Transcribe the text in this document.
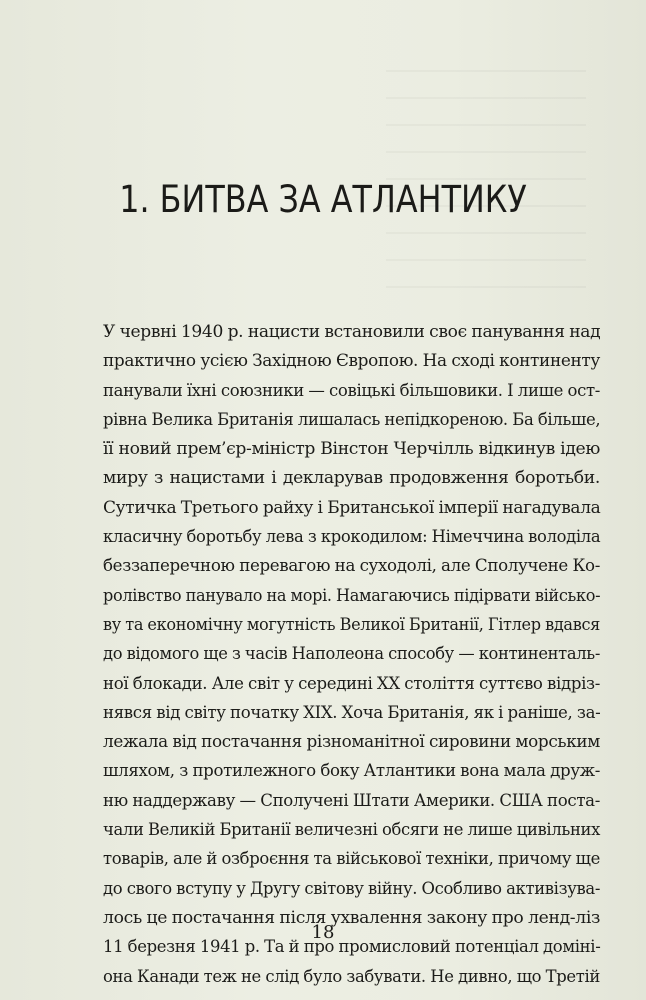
1. БИТВА ЗА АТЛАНТИКУ
У червні 1940 р. нацисти встановили своє панування над
практично усією Західною Європою. На сході континенту
панували їхні союзники — совіцькі більшовики. І лише ост-
рівна Велика Британія лишалась непідкореною. Ба більше,
її новий прем’єр-міністр Вінстон Черчілль відкинув ідею
миру з нацистами і декларував продовження боротьби.
Сутичка Третього райху і Британської імперії нагадувала
класичну боротьбу лева з крокодилом: Німеччина володіла
беззаперечною перевагою на суходолі, але Сполучене Ко-
ролівство панувало на морі. Намагаючись підірвати військо-
ву та економічну могутність Великої Британії, Гітлер вдався
до відомого ще з часів Наполеона способу — континенталь-
ної блокади. Але світ у середині XX століття суттєво відріз-
нявся від світу початку XIX. Хоча Британія, як і раніше, за-
лежала від постачання різноманітної сировини морським
шляхом, з протилежного боку Атлантики вона мала друж-
ню наддержаву — Сполучені Штати Америки. США поста-
чали Великій Британії величезні обсяги не лише цивільних
товарів, але й озброєння та військової техніки, причому ще
до свого вступу у Другу світову війну. Особливо активізува-
лось це постачання після ухвалення закону про ленд-ліз
11 березня 1941 р. Та й про промисловий потенціал доміні-
она Канади теж не слід було забувати. Не дивно, що Третій
18
